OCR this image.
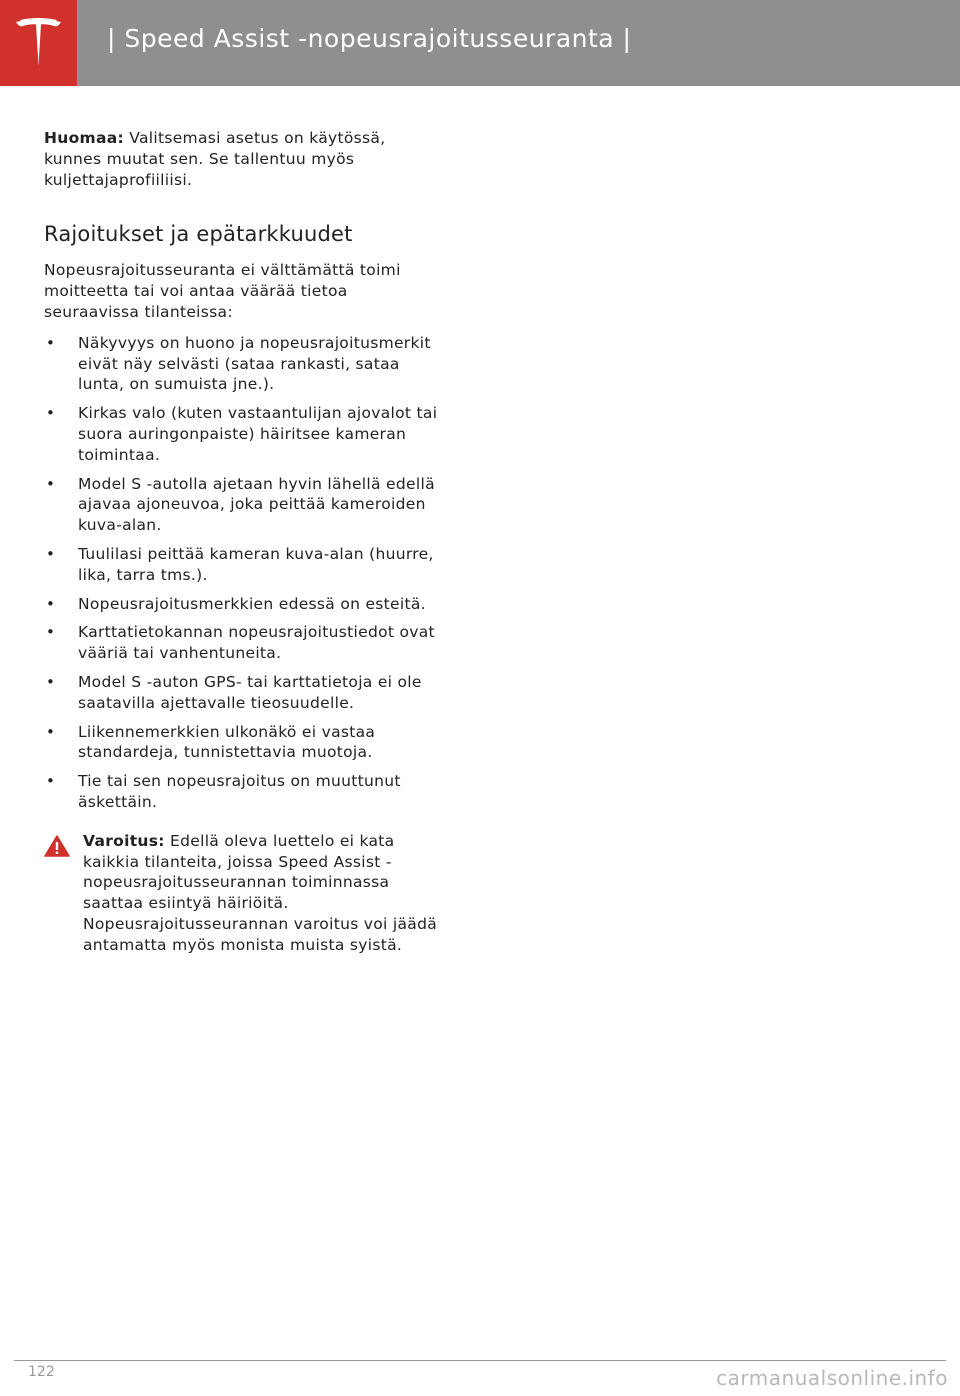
| Speed Assist -nopeusrajoitusseuranta |

Huomaa: Valitsemasi asetus on käytössä, kunnes muutat sen. Se tallentuu myös kuljettajaprofiiliisi.

Rajoitukset ja epätarkkuudet

Nopeusrajoitusseuranta ei välttämättä toimi moitteetta tai voi antaa väärää tietoa seuraavissa tilanteissa:

• Näkyvyys on huono ja nopeusrajoitusmerkit eivät näy selvästi (sataa rankasti, sataa lunta, on sumuista jne.).
• Kirkas valo (kuten vastaantulijan ajovalot tai suora auringonpaiste) häiritsee kameran toimintaa.
• Model S -autolla ajetaan hyvin lähellä edellä ajavaa ajoneuvoa, joka peittää kameroiden kuva-alan.
• Tuulilasi peittää kameran kuva-alan (huurre, lika, tarra tms.).
• Nopeusrajoitusmerkkien edessä on esteitä.
• Karttatietokannan nopeusrajoitustiedot ovat vääriä tai vanhentuneita.
• Model S -auton GPS- tai karttatietoja ei ole saatavilla ajettavalle tieosuudelle.
• Liikennemerkkien ulkonäkö ei vastaa standardeja, tunnistettavia muotoja.
• Tie tai sen nopeusrajoitus on muuttunut äskettäin.

Varoitus: Edellä oleva luettelo ei kata kaikkia tilanteita, joissa Speed Assist -nopeusrajoitusseurannan toiminnassa saattaa esiintyä häiriöitä. Nopeusrajoitusseurannan varoitus voi jäädä antamatta myös monista muista syistä.

122	carmanualsonline.info
